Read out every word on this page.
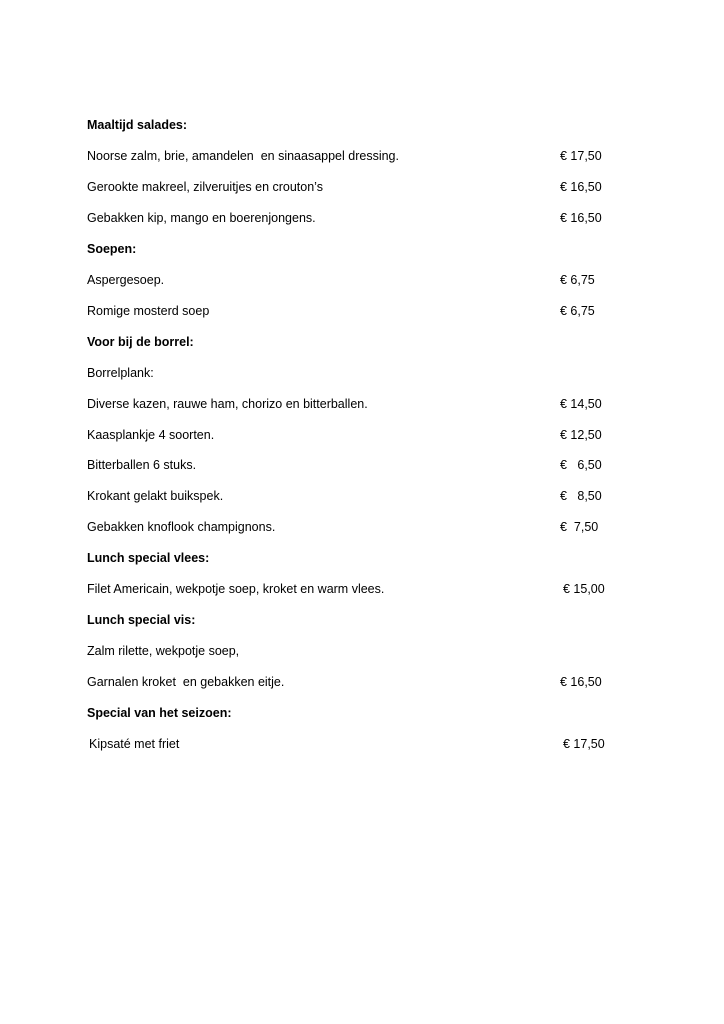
Maaltijd salades:
Noorse zalm, brie, amandelen  en sinaasappel dressing.	€ 17,50
Gerookte makreel, zilveruitjes en crouton’s	€ 16,50
Gebakken kip, mango en boerenjongens.	€ 16,50
Soepen:
Aspergesoep.	€ 6,75
Romige mosterd soep	€ 6,75
Voor bij de borrel:
Borrelplank:
Diverse kazen, rauwe ham, chorizo en bitterballen.	€ 14,50
Kaasplankje 4 soorten.	€ 12,50
Bitterballen 6 stuks.	€   6,50
Krokant gelakt buikspek.	€   8,50
Gebakken knoflook champignons.	€  7,50
Lunch special vlees:
Filet Americain, wekpotje soep, kroket en warm vlees.	€ 15,00
Lunch special vis:
Zalm rilette, wekpotje soep,
Garnalen kroket  en gebakken eitje.	€ 16,50
Special van het seizoen:
Kipsaté met friet	€ 17,50
